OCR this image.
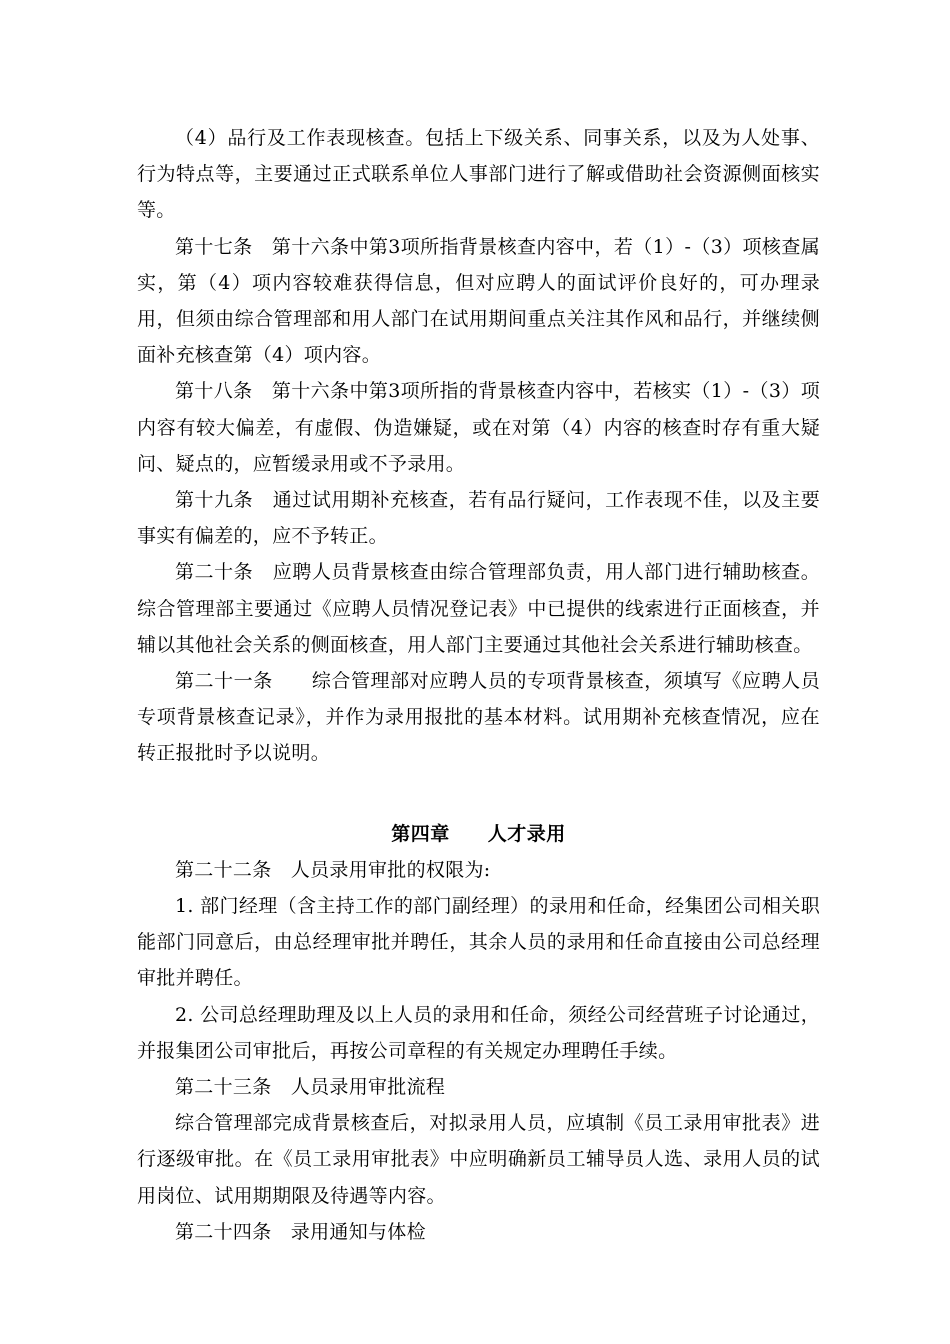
（4）品行及工作表现核查。包括上下级关系、同事关系，以及为人处事、行为特点等，主要通过正式联系单位人事部门进行了解或借助社会资源侧面核实等。

第十七条　第十六条中第3项所指背景核查内容中，若（1）-（3）项核查属实，第（4）项内容较难获得信息，但对应聘人的面试评价良好的，可办理录用，但须由综合管理部和用人部门在试用期间重点关注其作风和品行，并继续侧面补充核查第（4）项内容。

第十八条　第十六条中第3项所指的背景核查内容中，若核实（1）-（3）项内容有较大偏差，有虚假、伪造嫌疑，或在对第（4）内容的核查时存有重大疑问、疑点的，应暂缓录用或不予录用。

第十九条　通过试用期补充核查，若有品行疑问，工作表现不佳，以及主要事实有偏差的，应不予转正。

第二十条　应聘人员背景核查由综合管理部负责，用人部门进行辅助核查。综合管理部主要通过《应聘人员情况登记表》中已提供的线索进行正面核查，并辅以其他社会关系的侧面核查，用人部门主要通过其他社会关系进行辅助核查。

第二十一条　　综合管理部对应聘人员的专项背景核查，须填写《应聘人员专项背景核查记录》，并作为录用报批的基本材料。试用期补充核查情况，应在转正报批时予以说明。

第四章 人才录用

第二十二条　人员录用审批的权限为:

1. 部门经理（含主持工作的部门副经理）的录用和任命，经集团公司相关职能部门同意后，由总经理审批并聘任，其余人员的录用和任命直接由公司总经理审批并聘任。

2. 公司总经理助理及以上人员的录用和任命，须经公司经营班子讨论通过，并报集团公司审批后，再按公司章程的有关规定办理聘任手续。

第二十三条　人员录用审批流程

综合管理部完成背景核查后，对拟录用人员，应填制《员工录用审批表》进行逐级审批。在《员工录用审批表》中应明确新员工辅导员人选、录用人员的试用岗位、试用期期限及待遇等内容。

第二十四条　录用通知与体检
